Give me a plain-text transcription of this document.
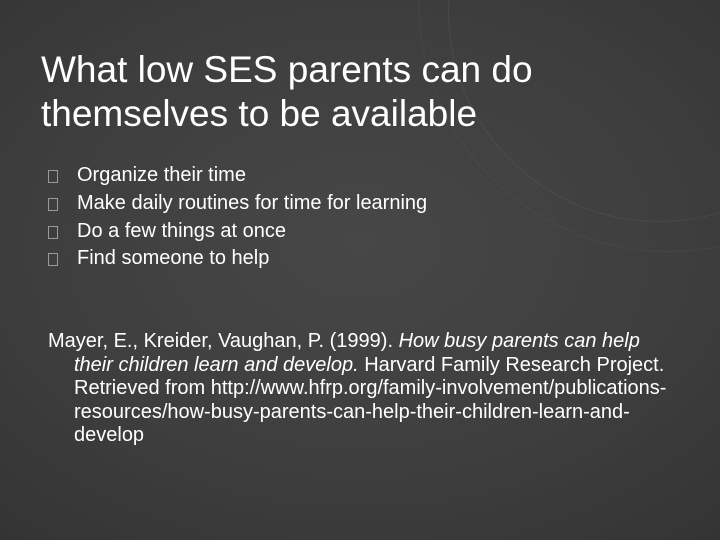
What low SES parents can do themselves to be available
Organize their time
Make daily routines for time for learning
Do a few things at once
Find someone to help

Mayer, E., Kreider, Vaughan, P. (1999). How busy parents can help their children learn and develop. Harvard Family Research Project. Retrieved from http://www.hfrp.org/family-involvement/publications-resources/how-busy-parents-can-help-their-children-learn-and-develop
